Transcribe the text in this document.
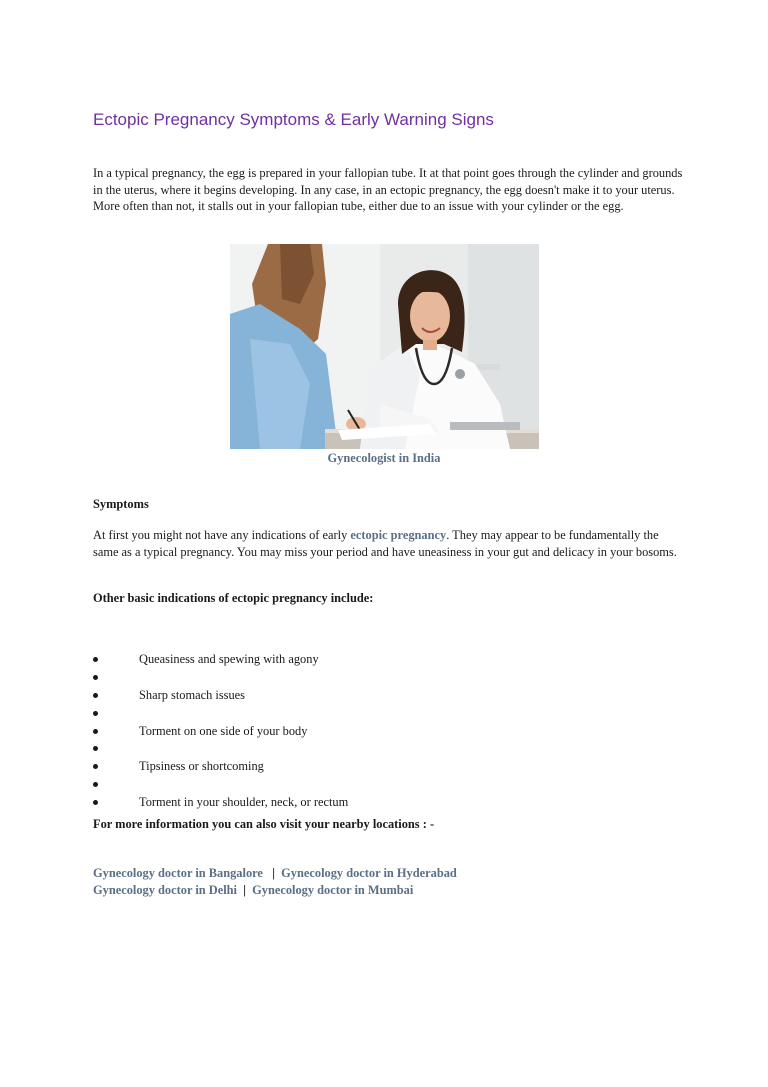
Ectopic Pregnancy Symptoms & Early Warning Signs

In a typical pregnancy, the egg is prepared in your fallopian tube. It at that point goes through the cylinder and grounds in the uterus, where it begins developing. In any case, in an ectopic pregnancy, the egg doesn't make it to your uterus. More often than not, it stalls out in your fallopian tube, either due to an issue with your cylinder or the egg.

Gynecologist in India
Symptoms

At first you might not have any indications of early ectopic pregnancy. They may appear to be fundamentally the same as a typical pregnancy. You may miss your period and have uneasiness in your gut and delicacy in your bosoms.

Other basic indications of ectopic pregnancy include:
Queasiness and spewing with agony
Sharp stomach issues
Torment on one side of your body
Tipsiness or shortcoming
Torment in your shoulder, neck, or rectum
For more information you can also visit your nearby locations : -
Gynecology doctor in Bangalore | Gynecology doctor in Hyderabad
Gynecology doctor in Delhi | Gynecology doctor in Mumbai
